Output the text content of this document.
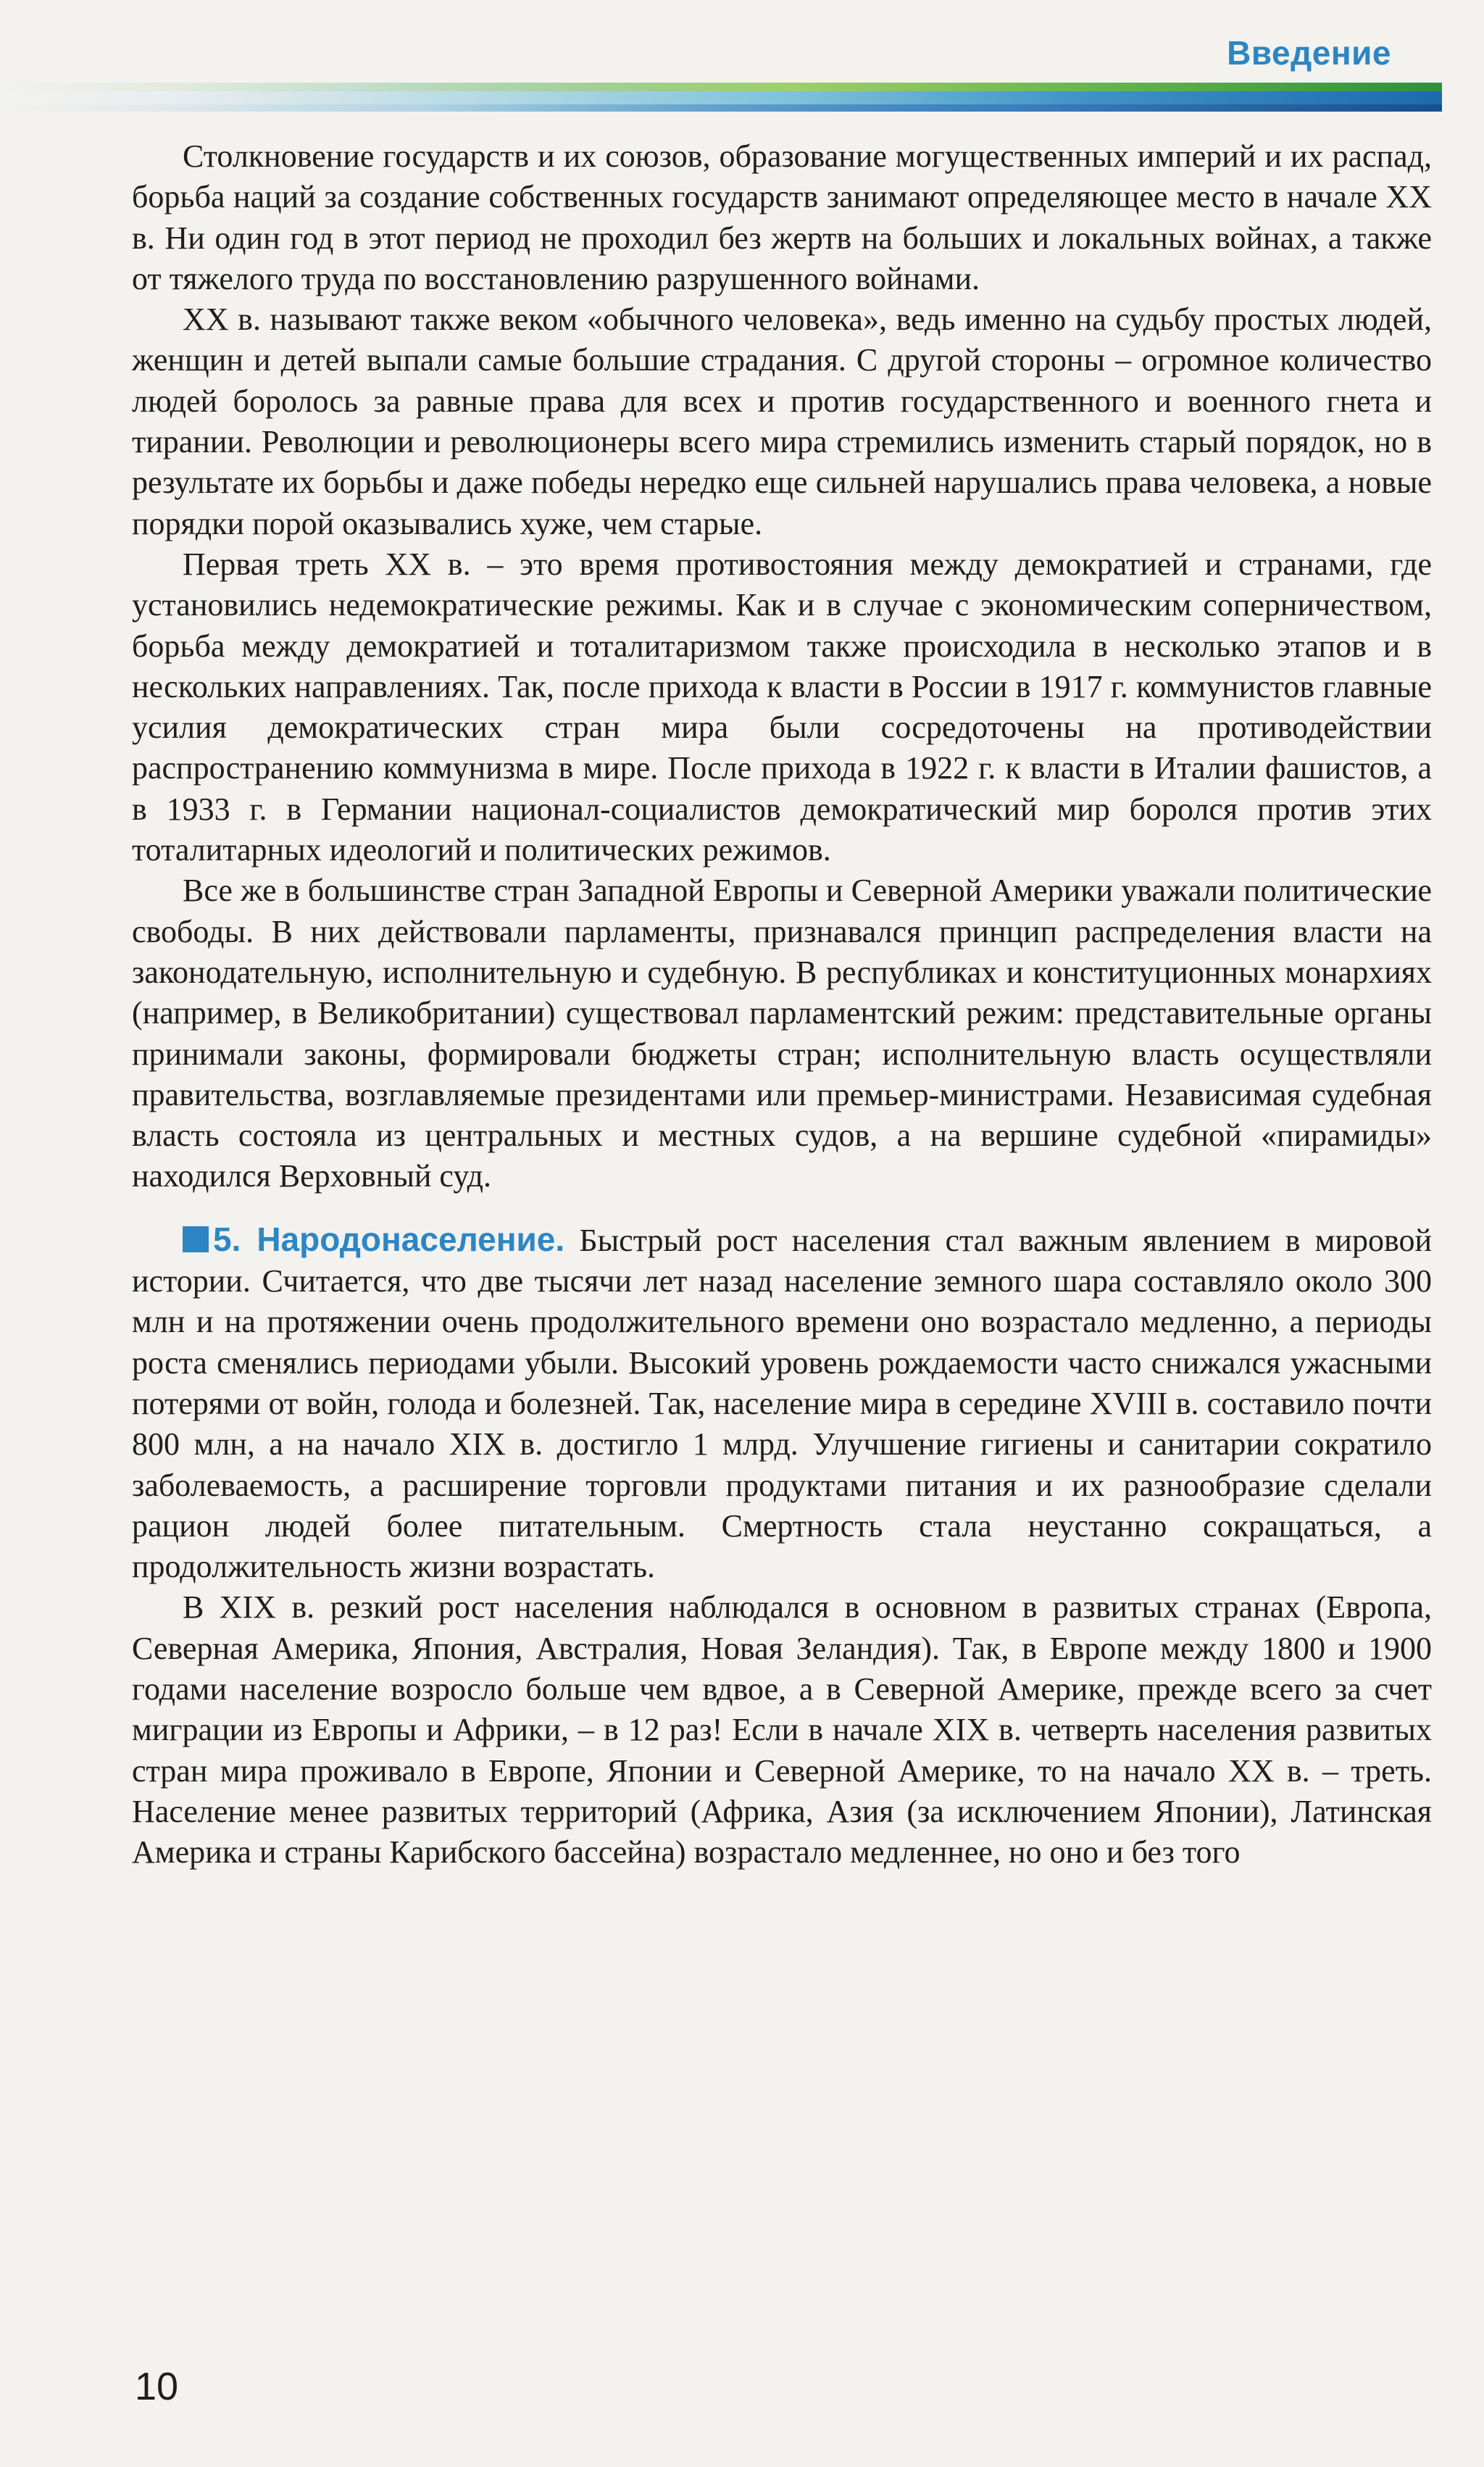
Введение

Столкновение государств и их союзов, образование могущественных империй и их распад, борьба наций за создание собственных государств занимают определяющее место в начале XX в. Ни один год в этот период не проходил без жертв на больших и локальных войнах, а также от тяжелого труда по восстановлению разрушенного войнами.

XX в. называют также веком «обычного человека», ведь именно на судьбу простых людей, женщин и детей выпали самые большие страдания. С другой стороны – огромное количество людей боролось за равные права для всех и против государственного и военного гнета и тирании. Революции и революционеры всего мира стремились изменить старый порядок, но в результате их борьбы и даже победы нередко еще сильней нарушались права человека, а новые порядки порой оказывались хуже, чем старые.

Первая треть XX в. – это время противостояния между демократией и странами, где установились недемократические режимы. Как и в случае с экономическим соперничеством, борьба между демократией и тоталитаризмом также происходила в несколько этапов и в нескольких направлениях. Так, после прихода к власти в России в 1917 г. коммунистов главные усилия демократических стран мира были сосредоточены на противодействии распространению коммунизма в мире. После прихода в 1922 г. к власти в Италии фашистов, а в 1933 г. в Германии национал-социалистов демократический мир боролся против этих тоталитарных идеологий и политических режимов.

Все же в большинстве стран Западной Европы и Северной Америки уважали политические свободы. В них действовали парламенты, признавался принцип распределения власти на законодательную, исполнительную и судебную. В республиках и конституционных монархиях (например, в Великобритании) существовал парламентский режим: представительные органы принимали законы, формировали бюджеты стран; исполнительную власть осуществляли правительства, возглавляемые президентами или премьер-министрами. Независимая судебная власть состояла из центральных и местных судов, а на вершине судебной «пирамиды» находился Верховный суд.

5. Народонаселение. Быстрый рост населения стал важным явлением в мировой истории. Считается, что две тысячи лет назад население земного шара составляло около 300 млн и на протяжении очень продолжительного времени оно возрастало медленно, а периоды роста сменялись периодами убыли. Высокий уровень рождаемости часто снижался ужасными потерями от войн, голода и болезней. Так, население мира в середине XVIII в. составило почти 800 млн, а на начало XIX в. достигло 1 млрд. Улучшение гигиены и санитарии сократило заболеваемость, а расширение торговли продуктами питания и их разнообразие сделали рацион людей более питательным. Смертность стала неустанно сокращаться, а продолжительность жизни возрастать.

В XIX в. резкий рост населения наблюдался в основном в развитых странах (Европа, Северная Америка, Япония, Австралия, Новая Зеландия). Так, в Европе между 1800 и 1900 годами население возросло больше чем вдвое, а в Северной Америке, прежде всего за счет миграции из Европы и Африки, – в 12 раз! Если в начале XIX в. четверть населения развитых стран мира проживало в Европе, Японии и Северной Америке, то на начало XX в. – треть. Население менее развитых территорий (Африка, Азия (за исключением Японии), Латинская Америка и страны Карибского бассейна) возрастало медленнее, но оно и без того

10
